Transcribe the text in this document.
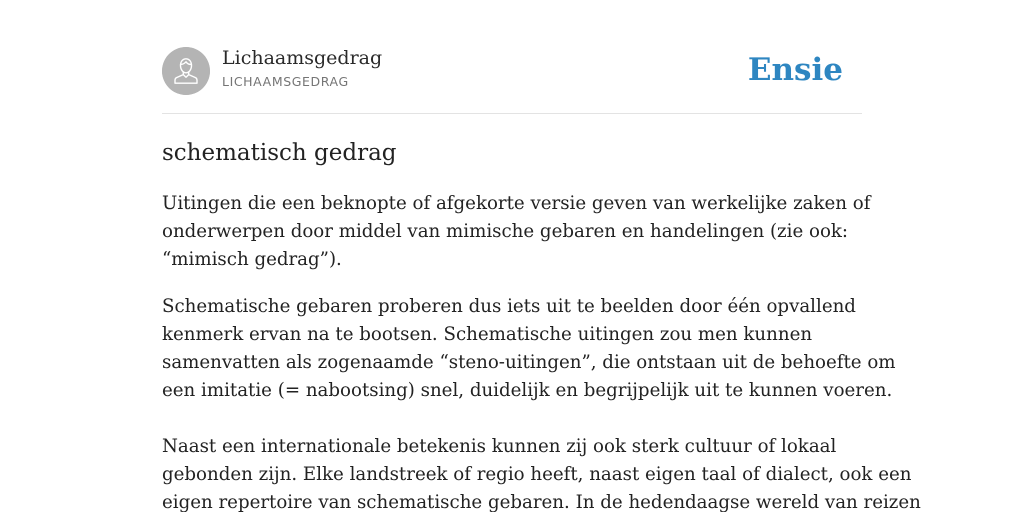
Lichaamsgedrag
LICHAAMSGEDRAG	Ensie
schematisch gedrag

Uitingen die een beknopte of afgekorte versie geven van werkelijke zaken of
onderwerpen door middel van mimische gebaren en handelingen (zie ook:
“mimisch gedrag”).

Schematische gebaren proberen dus iets uit te beelden door één opvallend
kenmerk ervan na te bootsen. Schematische uitingen zou men kunnen
samenvatten als zogenaamde “steno-uitingen”, die ontstaan uit de behoefte om
een imitatie (= nabootsing) snel, duidelijk en begrijpelijk uit te kunnen voeren.

Naast een internationale betekenis kunnen zij ook sterk cultuur of lokaal
gebonden zijn. Elke landstreek of regio heeft, naast eigen taal of dialect, ook een
eigen repertoire van schematische gebaren. In de hedendaagse wereld van reizen
